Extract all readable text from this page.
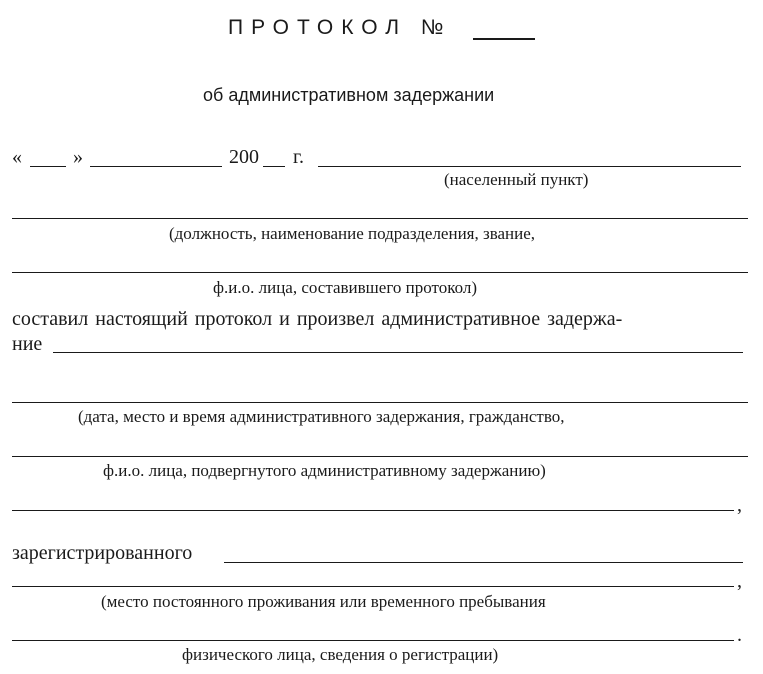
ПРОТОКОЛ №
об административном задержании
«	»	200 г.
(населенный пункт)
(должность, наименование подразделения, звание,
ф.и.о. лица, составившего протокол)
составил настоящий протокол и произвел административное задержа-
ние
(дата, место и время административного задержания, гражданство,
ф.и.о. лица, подвергнутого административному задержанию)
,
зарегистрированного
,
(место постоянного проживания или временного пребывания
.
физического лица, сведения о регистрации)
